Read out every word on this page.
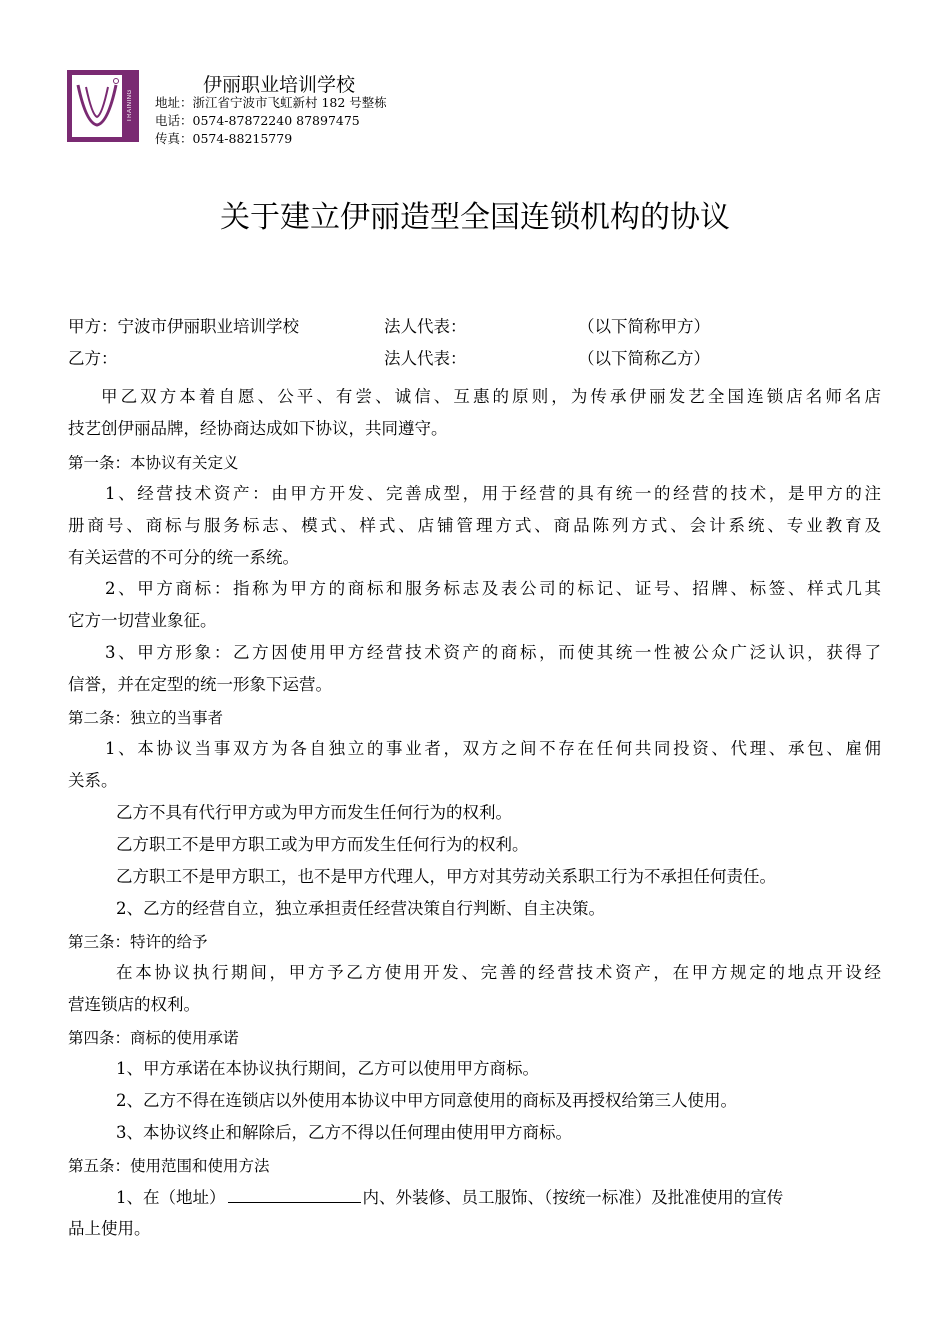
TRAINING SCHOOL
伊丽职业培训学校
地址：浙江省宁波市飞虹新村 182 号整栋
电话：0574-87872240 87897475
传真：0574-88215779
关于建立伊丽造型全国连锁机构的协议
甲方：宁波市伊丽职业培训学校	法人代表：	（以下简称甲方）
乙方：	法人代表：	（以下简称乙方）
甲乙双方本着自愿、公平、有尝、诚信、互惠的原则，为传承伊丽发艺全国连锁店名师名店
技艺创伊丽品牌，经协商达成如下协议，共同遵守。
第一条：本协议有关定义
1、经营技术资产：由甲方开发、完善成型，用于经营的具有统一的经营的技术，是甲方的注
册商号、商标与服务标志、模式、样式、店铺管理方式、商品陈列方式、会计系统、专业教育及
有关运营的不可分的统一系统。
2、甲方商标：指称为甲方的商标和服务标志及表公司的标记、证号、招牌、标签、样式几其
它方一切营业象征。
3、甲方形象：乙方因使用甲方经营技术资产的商标，而使其统一性被公众广泛认识，获得了
信誉，并在定型的统一形象下运营。
第二条：独立的当事者
1、本协议当事双方为各自独立的事业者，双方之间不存在任何共同投资、代理、承包、雇佣
关系。
乙方不具有代行甲方或为甲方而发生任何行为的权利。
乙方职工不是甲方职工或为甲方而发生任何行为的权利。
乙方职工不是甲方职工，也不是甲方代理人，甲方对其劳动关系职工行为不承担任何责任。
2、乙方的经营自立，独立承担责任经营决策自行判断、自主决策。
第三条：特许的给予
在本协议执行期间，甲方予乙方使用开发、完善的经营技术资产，在甲方规定的地点开设经
营连锁店的权利。
第四条：商标的使用承诺
1、甲方承诺在本协议执行期间，乙方可以使用甲方商标。
2、乙方不得在连锁店以外使用本协议中甲方同意使用的商标及再授权给第三人使用。
3、本协议终止和解除后，乙方不得以任何理由使用甲方商标。
第五条：使用范围和使用方法
1、在（地址）	内、外装修、员工服饰、（按统一标准）及批准使用的宣传
品上使用。
